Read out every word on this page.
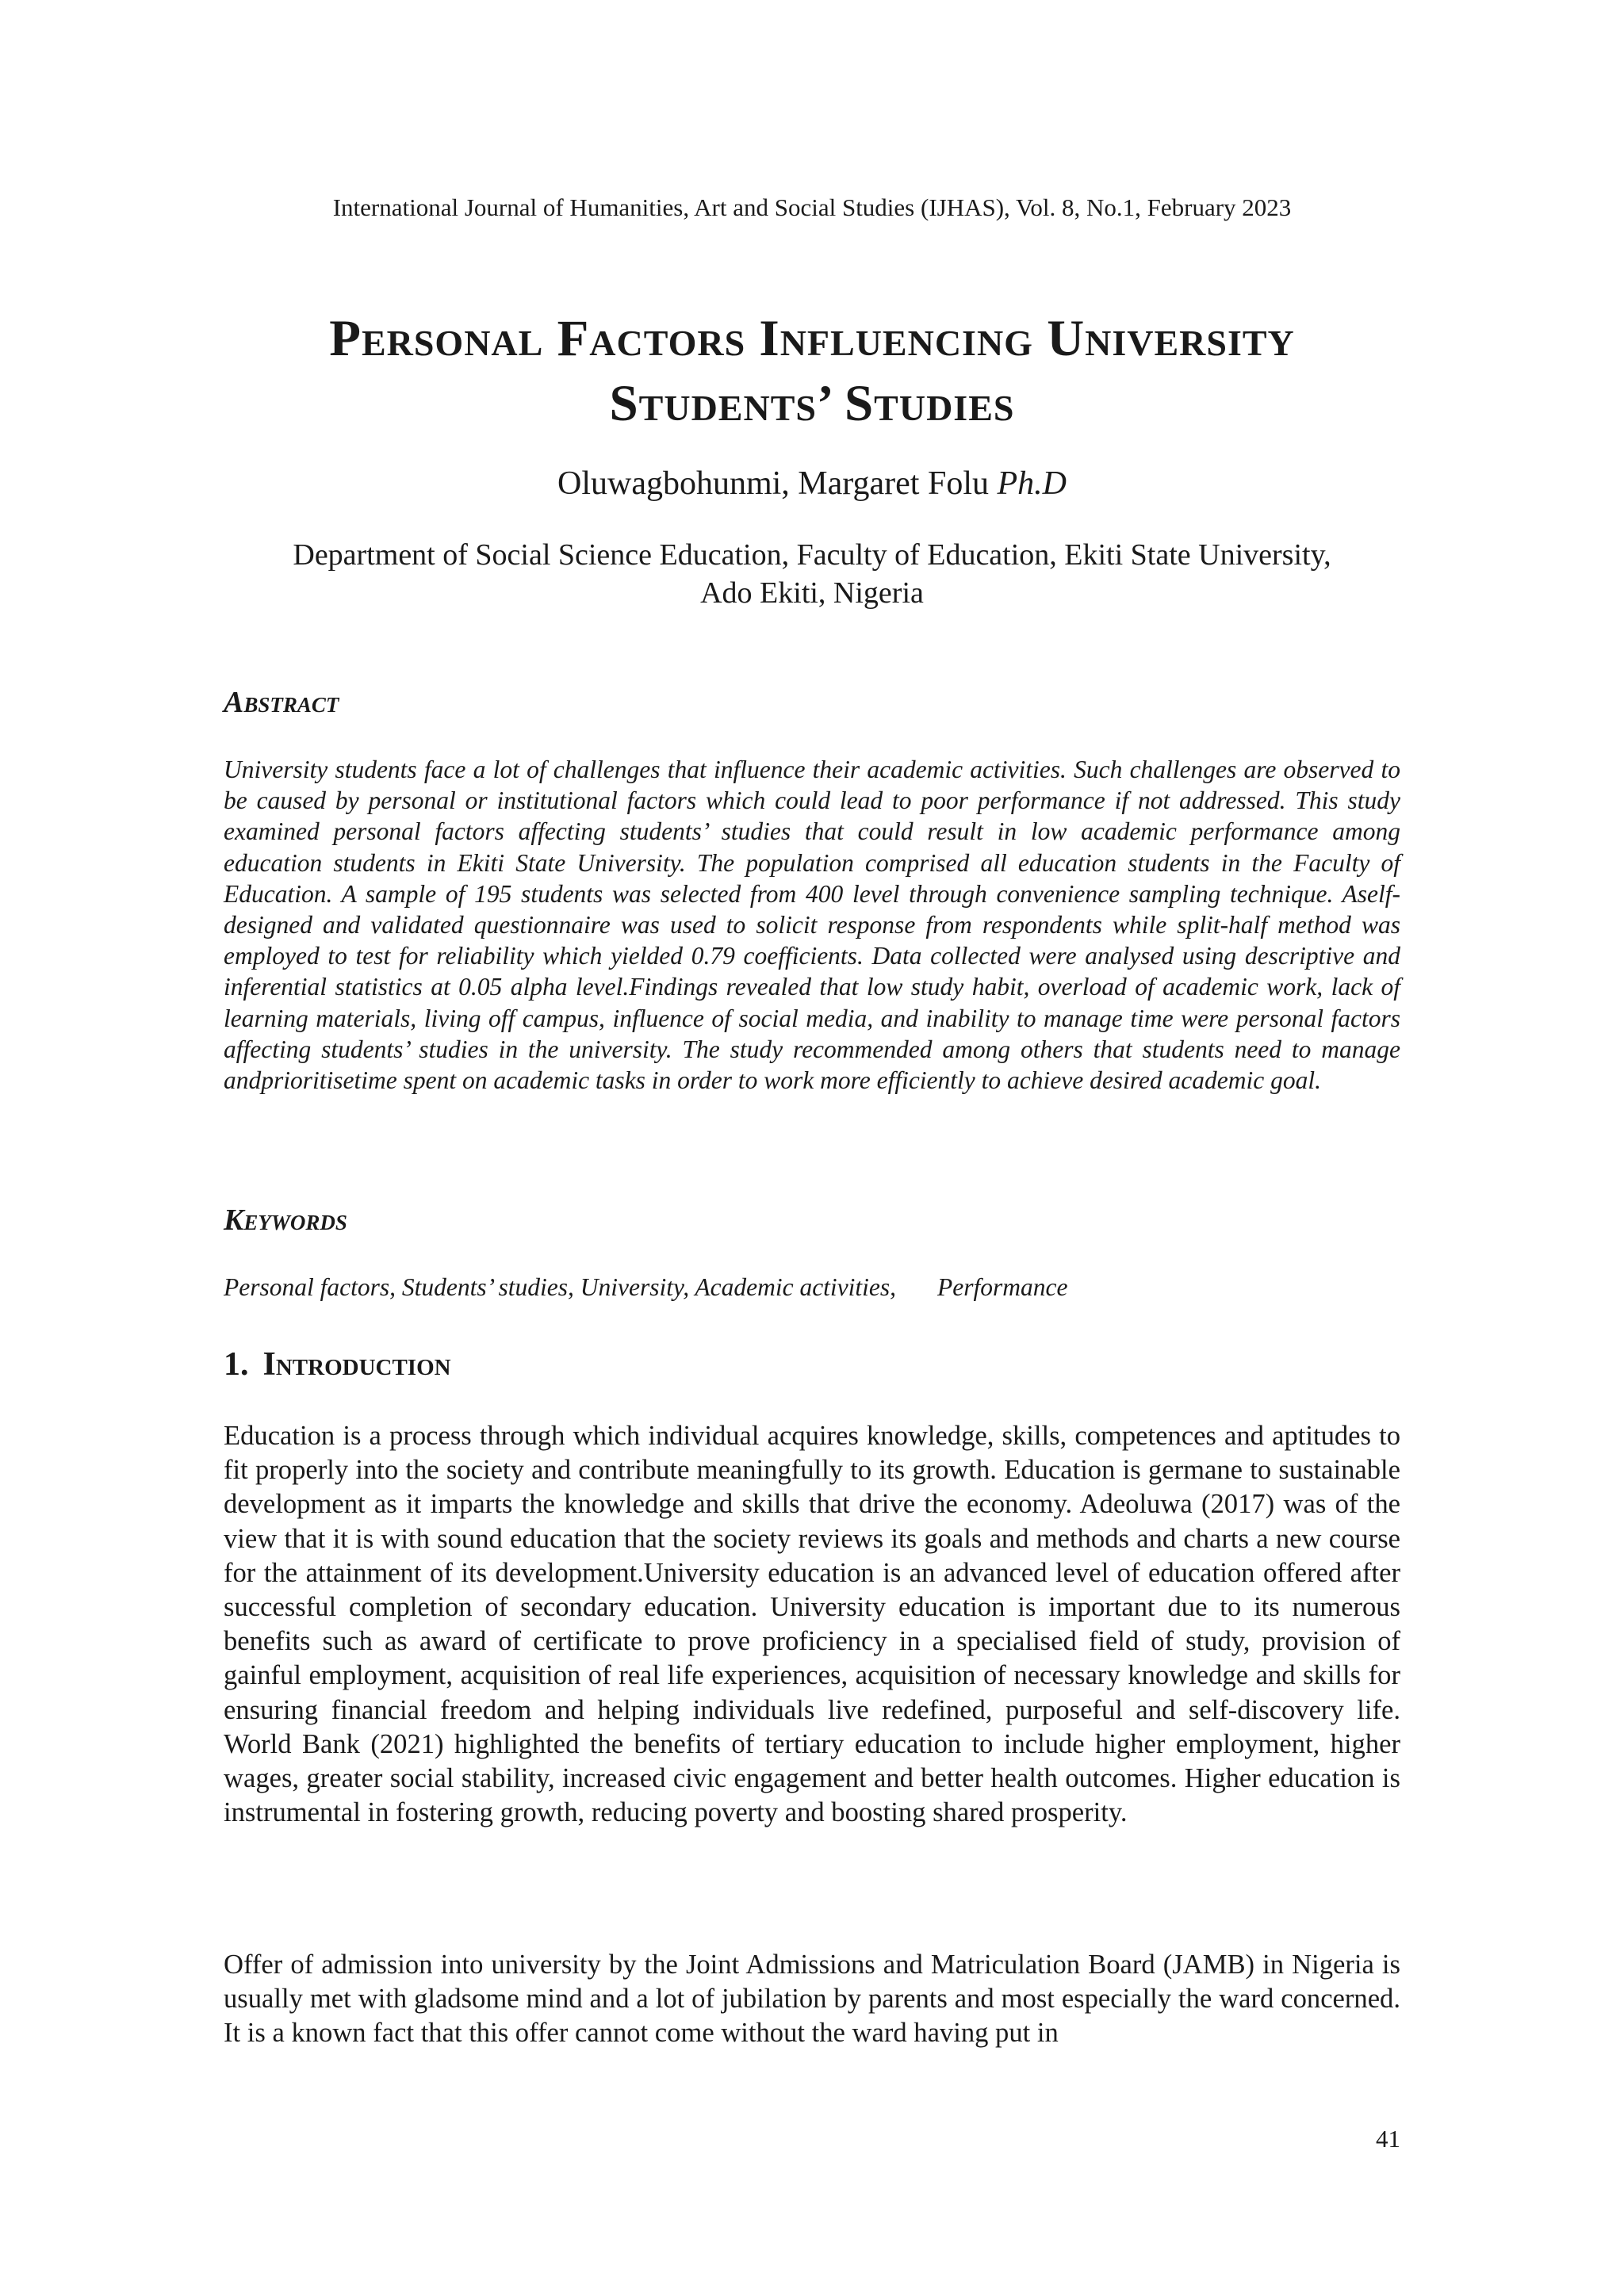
International Journal of Humanities, Art and Social Studies (IJHAS), Vol. 8, No.1, February 2023
Personal Factors Influencing University
Students’ Studies
Oluwagbohunmi, Margaret Folu Ph.D
Department of Social Science Education, Faculty of Education, Ekiti State University,
Ado Ekiti, Nigeria
Abstract

University students face a lot of challenges that influence their academic activities. Such challenges are observed to be caused by personal or institutional factors which could lead to poor performance if not addressed. This study examined personal factors affecting students’ studies that could result in low academic performance among education students in Ekiti State University. The population comprised all education students in the Faculty of Education. A sample of 195 students was selected from 400 level through convenience sampling technique. Aself-designed and validated questionnaire was used to solicit response from respondents while split-half method was employed to test for reliability which yielded 0.79 coefficients. Data collected were analysed using descriptive and inferential statistics at 0.05 alpha level.Findings revealed that low study habit, overload of academic work, lack of learning materials, living off campus, influence of social media, and inability to manage time were personal factors affecting students’ studies in the university. The study recommended among others that students need to manage andprioritisetime spent on academic tasks in order to work more efficiently to achieve desired academic goal.

Keywords
Personal factors, Students’ studies, University, Academic activities, Performance
1. Introduction

Education is a process through which individual acquires knowledge, skills, competences and aptitudes to fit properly into the society and contribute meaningfully to its growth. Education is germane to sustainable development as it imparts the knowledge and skills that drive the economy. Adeoluwa (2017) was of the view that it is with sound education that the society reviews its goals and methods and charts a new course for the attainment of its development.University education is an advanced level of education offered after successful completion of secondary education. University education is important due to its numerous benefits such as award of certificate to prove proficiency in a specialised field of study, provision of gainful employment, acquisition of real life experiences, acquisition of necessary knowledge and skills for ensuring financial freedom and helping individuals live redefined, purposeful and self-discovery life. World Bank (2021) highlighted the benefits of tertiary education to include higher employment, higher wages, greater social stability, increased civic engagement and better health outcomes. Higher education is instrumental in fostering growth, reducing poverty and boosting shared prosperity.

Offer of admission into university by the Joint Admissions and Matriculation Board (JAMB) in Nigeria is usually met with gladsome mind and a lot of jubilation by parents and most especially the ward concerned. It is a known fact that this offer cannot come without the ward having put in

41
